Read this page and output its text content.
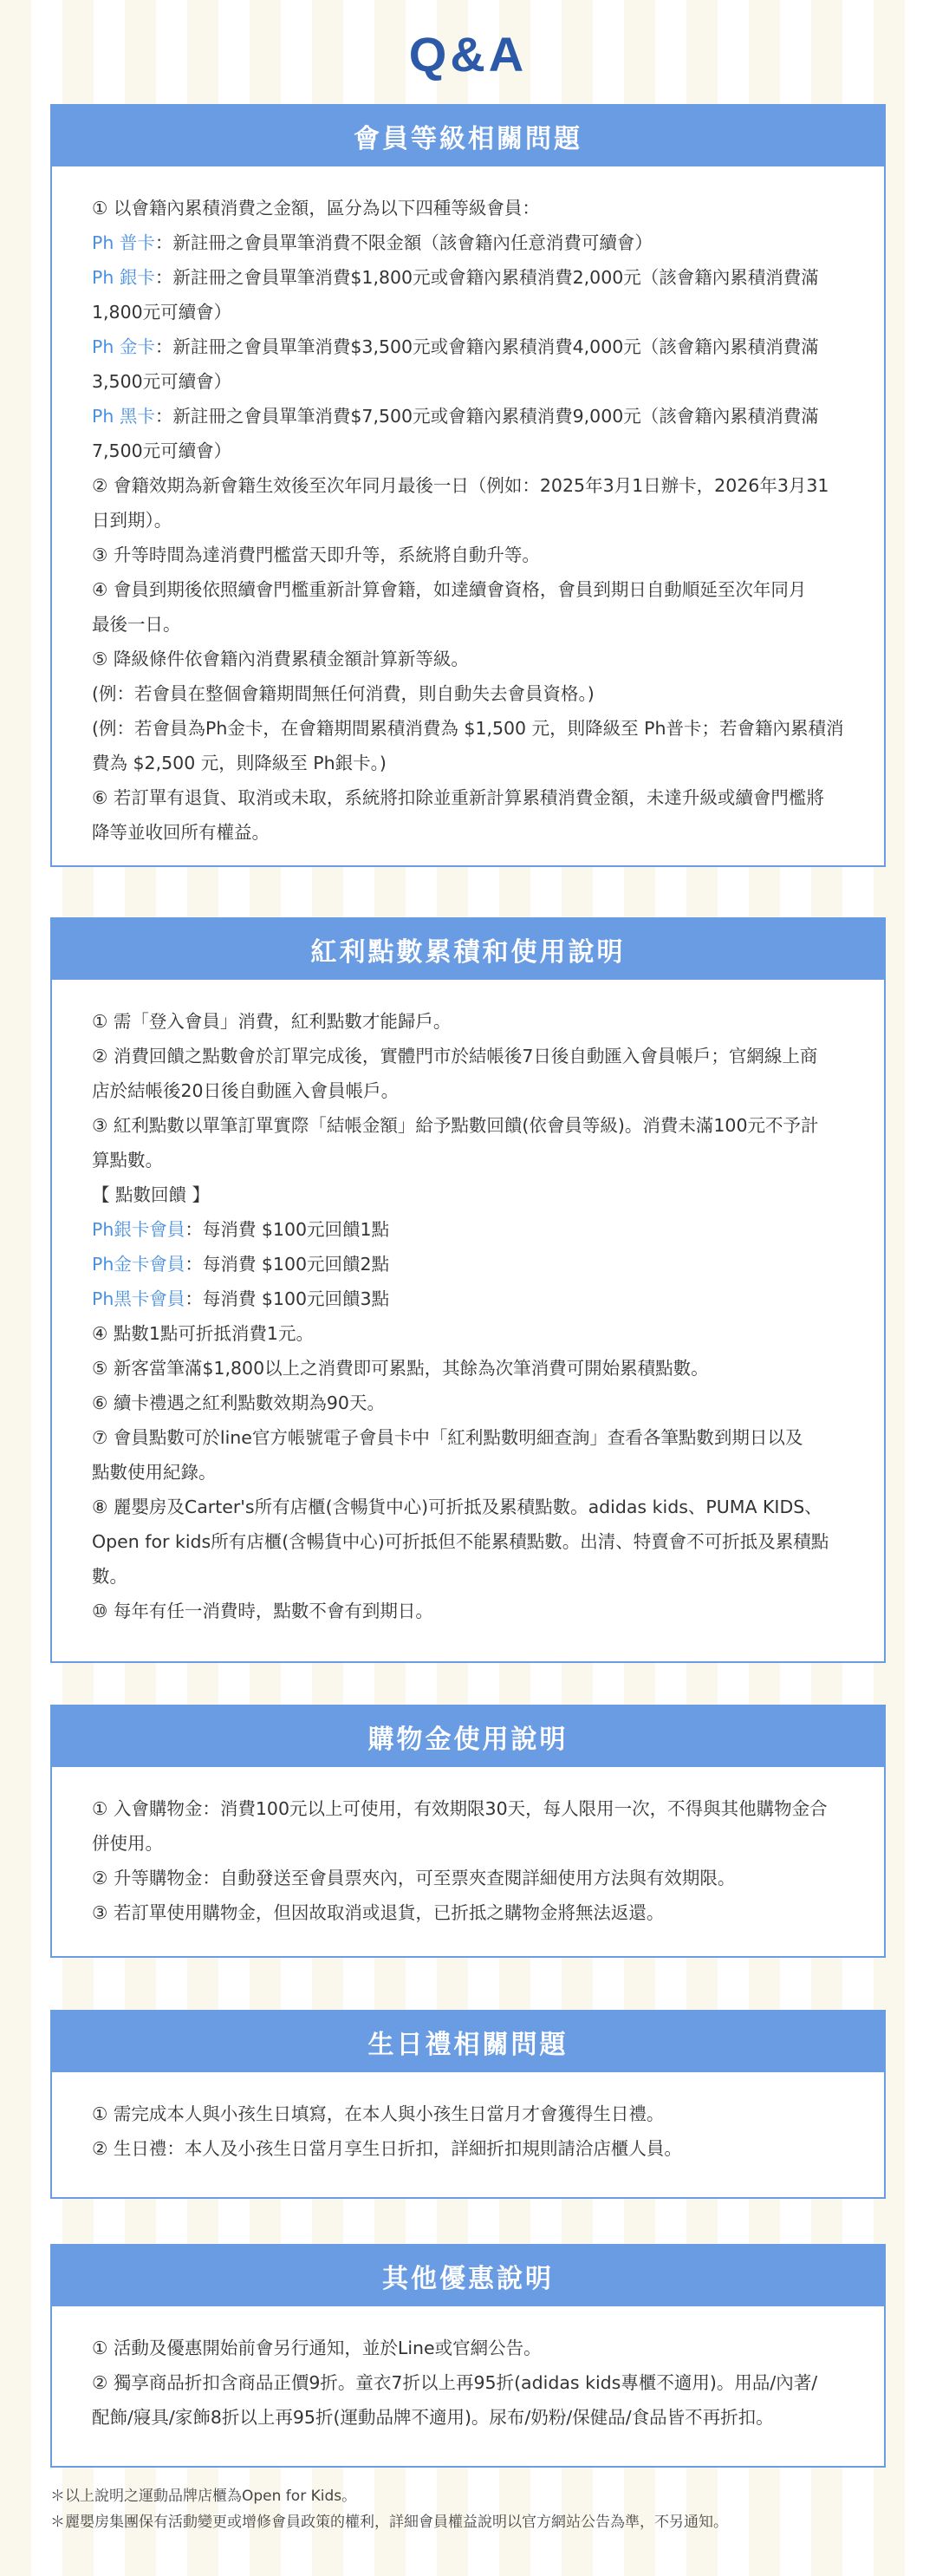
Q&A
會員等級相關問題
① 以會籍內累積消費之金額，區分為以下四種等級會員：
Ph 普卡：新註冊之會員單筆消費不限金額（該會籍內任意消費可續會）
Ph 銀卡：新註冊之會員單筆消費$1,800元或會籍內累積消費2,000元（該會籍內累積消費滿
1,800元可續會）
Ph 金卡：新註冊之會員單筆消費$3,500元或會籍內累積消費4,000元（該會籍內累積消費滿
3,500元可續會）
Ph 黑卡：新註冊之會員單筆消費$7,500元或會籍內累積消費9,000元（該會籍內累積消費滿
7,500元可續會）
② 會籍效期為新會籍生效後至次年同月最後一日（例如：2025年3月1日辦卡，2026年3月31
日到期）。
③ 升等時間為達消費門檻當天即升等，系統將自動升等。
④ 會員到期後依照續會門檻重新計算會籍，如達續會資格，會員到期日自動順延至次年同月
最後一日。
⑤ 降級條件依會籍內消費累積金額計算新等級。
(例：若會員在整個會籍期間無任何消費，則自動失去會員資格。)
(例：若會員為Ph金卡，在會籍期間累積消費為 $1,500 元，則降級至 Ph普卡；若會籍內累積消
費為 $2,500 元，則降級至 Ph銀卡。)
⑥ 若訂單有退貨、取消或未取，系統將扣除並重新計算累積消費金額，未達升級或續會門檻將
降等並收回所有權益。
紅利點數累積和使用說明
① 需「登入會員」消費，紅利點數才能歸戶。
② 消費回饋之點數會於訂單完成後，實體門市於結帳後7日後自動匯入會員帳戶；官網線上商
店於結帳後20日後自動匯入會員帳戶。
③ 紅利點數以單筆訂單實際「結帳金額」給予點數回饋(依會員等級)。消費未滿100元不予計
算點數。
【 點數回饋 】
Ph銀卡會員：每消費 $100元回饋1點
Ph金卡會員：每消費 $100元回饋2點
Ph黑卡會員：每消費 $100元回饋3點
④ 點數1點可折抵消費1元。
⑤ 新客當筆滿$1,800以上之消費即可累點，其餘為次筆消費可開始累積點數。
⑥ 續卡禮遇之紅利點數效期為90天。
⑦ 會員點數可於line官方帳號電子會員卡中「紅利點數明細查詢」查看各筆點數到期日以及
點數使用紀錄。
⑧ 麗嬰房及Carter's所有店櫃(含暢貨中心)可折抵及累積點數。adidas kids、PUMA KIDS、
Open for kids所有店櫃(含暢貨中心)可折抵但不能累積點數。出清、特賣會不可折抵及累積點
數。
⑩ 每年有任一消費時，點數不會有到期日。
購物金使用說明
① 入會購物金：消費100元以上可使用，有效期限30天，每人限用一次，不得與其他購物金合
併使用。
② 升等購物金：自動發送至會員票夾內，可至票夾查閱詳細使用方法與有效期限。
③ 若訂單使用購物金，但因故取消或退貨，已折抵之購物金將無法返還。
生日禮相關問題
① 需完成本人與小孩生日填寫，在本人與小孩生日當月才會獲得生日禮。
② 生日禮：本人及小孩生日當月享生日折扣，詳細折扣規則請洽店櫃人員。
其他優惠說明
① 活動及優惠開始前會另行通知，並於Line或官網公告。
② 獨享商品折扣含商品正價9折。童衣7折以上再95折(adidas kids專櫃不適用)。用品/內著/
配飾/寢具/家飾8折以上再95折(運動品牌不適用)。尿布/奶粉/保健品/食品皆不再折扣。
＊以上說明之運動品牌店櫃為Open for Kids。
＊麗嬰房集團保有活動變更或增修會員政策的權利，詳細會員權益說明以官方網站公告為準，不另通知。
